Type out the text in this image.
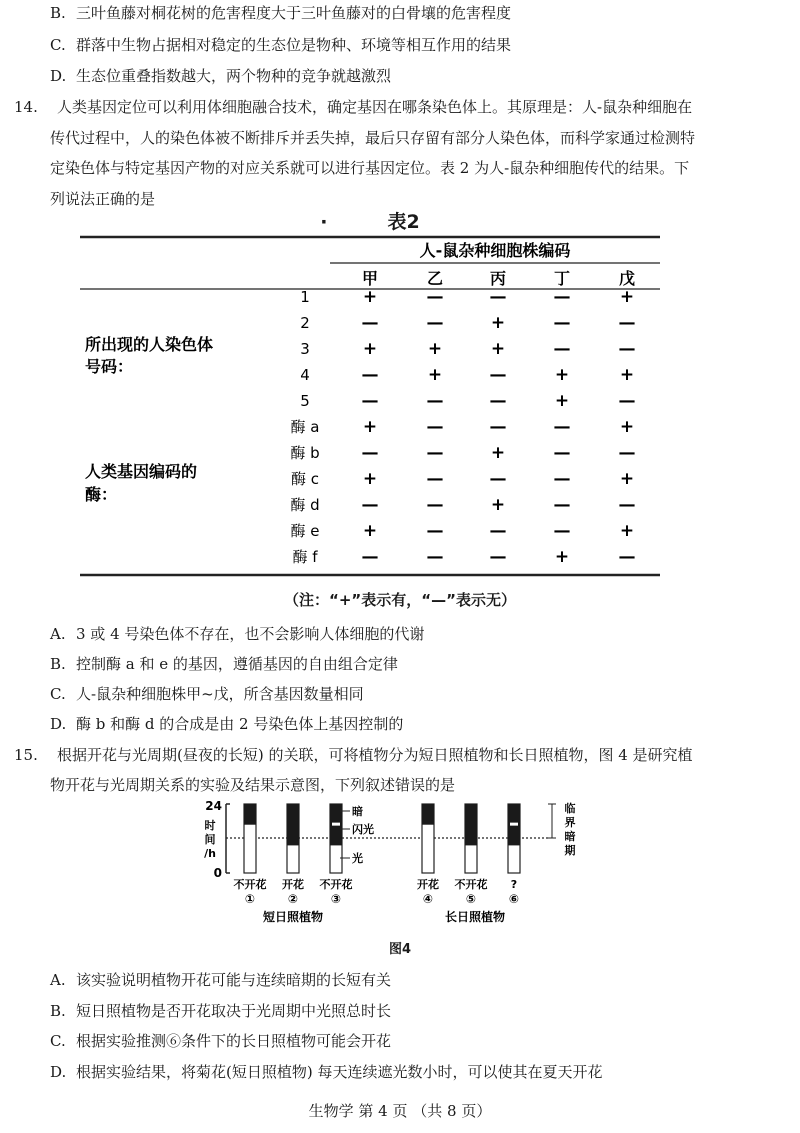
B. 三叶鱼藤对桐花树的危害程度大于三叶鱼藤对的白骨壤的危害程度
C. 群落中生物占据相对稳定的生态位是物种、环境等相互作用的结果
D. 生态位重叠指数越大，两个物种的竞争就越激烈
14. 人类基因定位可以利用体细胞融合技术，确定基因在哪条染色体上。其原理是：人-鼠杂种细胞在
传代过程中，人的染色体被不断排斥并丢失掉，最后只存留有部分人染色体，而科学家通过检测特
定染色体与特定基因产物的对应关系就可以进行基因定位。表 2 为人-鼠杂种细胞传代的结果。下
列说法正确的是
·	表2
人-鼠杂种细胞株编码
甲	乙	丙	丁	戊
所出现的人染色体
号码：
人类基因编码的
酶：
1	+	—	—	—	+
2	—	—	+	—	—
3	+	+	+	—	—
4	—	+	—	+	+
5	—	—	—	+	—
酶 a	+	—	—	—	+
酶 b —	—	+	—	—
酶 c	+	—	—	—	+
酶 d —	—	+	—	—
酶 e	+	—	—	—	+
酶 f	—	—	—	+	—
（注：“+”表示有，“—”表示无）
A. 3 或 4 号染色体不存在，也不会影响人体细胞的代谢
B. 控制酶 a 和 e 的基因，遵循基因的自由组合定律
C. 人-鼠杂种细胞株甲~戊，所含基因数量相同
D. 酶 b 和酶 d 的合成是由 2 号染色体上基因控制的
15. 根据开花与光周期(昼夜的长短) 的关联，可将植物分为短日照植物和长日照植物，图 4 是研究植
物开花与光周期关系的实验及结果示意图，下列叙述错误的是
24
0
时
间
/h
不开花
①
开花
②
不开花
③
开花
④
不开花
⑤
?
⑥
暗
闪光
光
临
界
暗
期
短日照植物	长日照植物
图4
A. 该实验说明植物开花可能与连续暗期的长短有关
B. 短日照植物是否开花取决于光周期中光照总时长
C. 根据实验推测⑥条件下的长日照植物可能会开花
D. 根据实验结果，将菊花(短日照植物) 每天连续遮光数小时，可以使其在夏天开花
生物学 第 4 页 （共 8 页）
